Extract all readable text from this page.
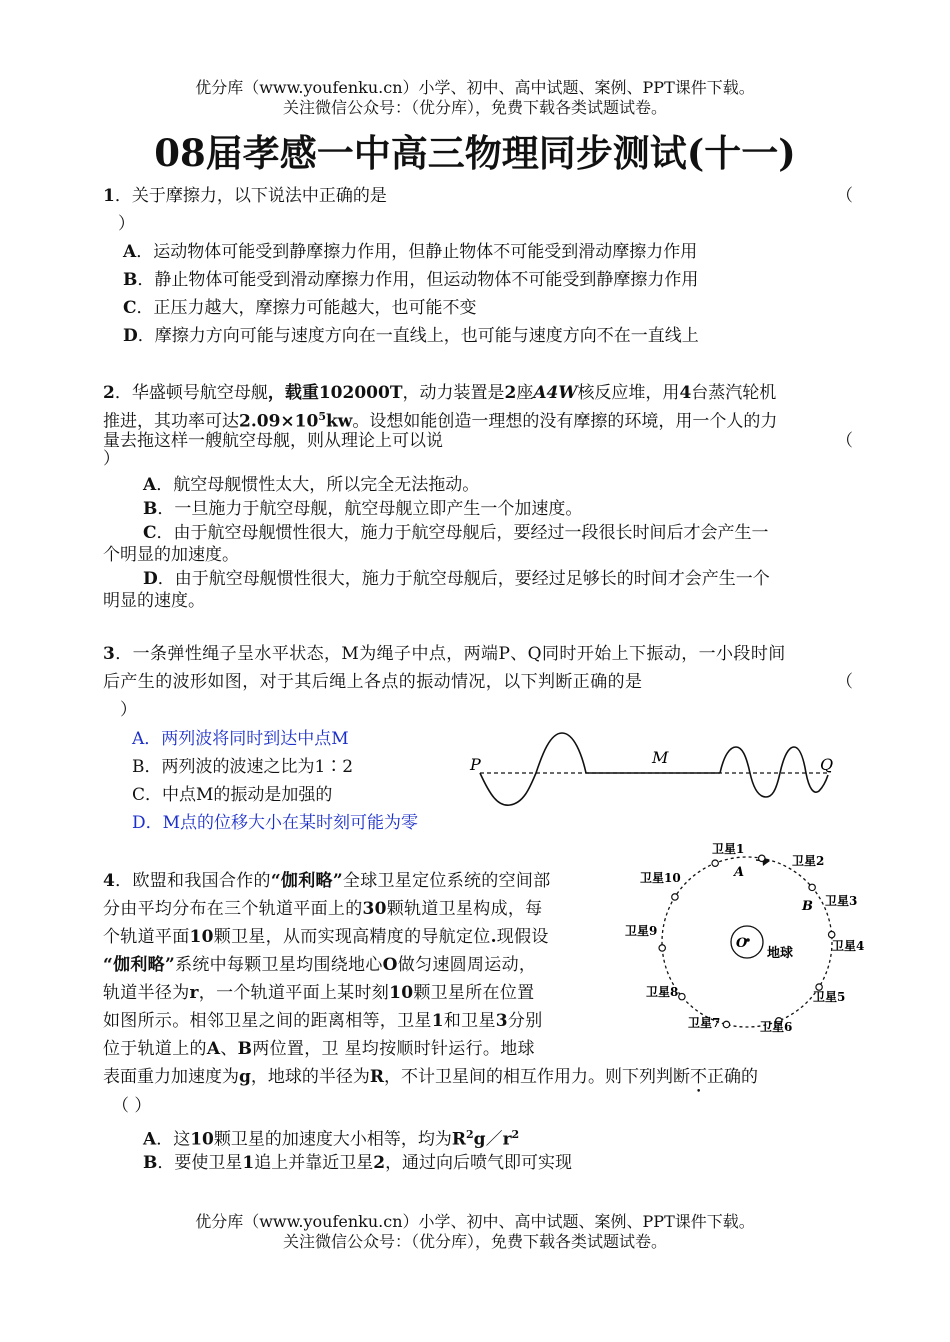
优分库（www.youfenku.cn）小学、初中、高中试题、案例、PPT课件下载。
关注微信公众号：（优分库），免费下载各类试题试卷。
08届孝感一中高三物理同步测试(十一)
1．关于摩擦力，以下说法中正确的是	（
）
A．运动物体可能受到静摩擦力作用，但静止物体不可能受到滑动摩擦力作用
B．静止物体可能受到滑动摩擦力作用，但运动物体不可能受到静摩擦力作用
C．正压力越大，摩擦力可能越大，也可能不变
D．摩擦力方向可能与速度方向在一直线上，也可能与速度方向不在一直线上
2．华盛顿号航空母舰，载重102000T，动力装置是2座A4W核反应堆，用4台蒸汽轮机
推进，其功率可达$2.09\times 10^5kw$。设想如能创造一理想的没有摩擦的环境，用一个人的力
量去拖这样一艘航空母舰，则从理论上可以说	（
）
A．航空母舰惯性太大，所以完全无法拖动。
B．一旦施力于航空母舰，航空母舰立即产生一个加速度。
C．由于航空母舰惯性很大，施力于航空母舰后，要经过一段很长时间后才会产生一
个明显的加速度。
D．由于航空母舰惯性很大，施力于航空母舰后，要经过足够长的时间才会产生一个
明显的速度。
3．一条弹性绳子呈水平状态，M为绳子中点，两端P、Q同时开始上下振动，一小段时间
后产生的波形如图，对于其后绳上各点的振动情况，以下判断正确的是	（
）
A．两列波将同时到达中点M
B．两列波的波速之比为1∶2
C．中点M的振动是加强的
D．M点的位移大小在某时刻可能为零
P	M	Q
4．欧盟和我国合作的“伽利略”全球卫星定位系统的空间部
分由平均分布在三个轨道平面上的30颗轨道卫星构成，每
个轨道平面10颗卫星，从而实现高精度的导航定位.现假设
“伽利略”系统中每颗卫星均围绕地心O做匀速圆周运动，
轨道半径为r，一个轨道平面上某时刻10颗卫星所在位置
如图所示。相邻卫星之间的距离相等，卫星1和卫星3分别
位于轨道上的A、B两位置，卫 星均按顺时针运行。地球
表面重力加速度为g，地球的半径为R，不计卫星间的相互作用力。则下列判断不正确的
（ ）
A．这10颗卫星的加速度大小相等，均为$R^2g/r^2$
B．要使卫星1追上并靠近卫星2，通过向后喷气即可实现
O
地球
卫星1
卫星2
卫星3
卫星4
卫星5
卫星6
卫星7
卫星8
卫星9
卫星10	A
B
优分库（www.youfenku.cn）小学、初中、高中试题、案例、PPT课件下载。
关注微信公众号：（优分库），免费下载各类试题试卷。
